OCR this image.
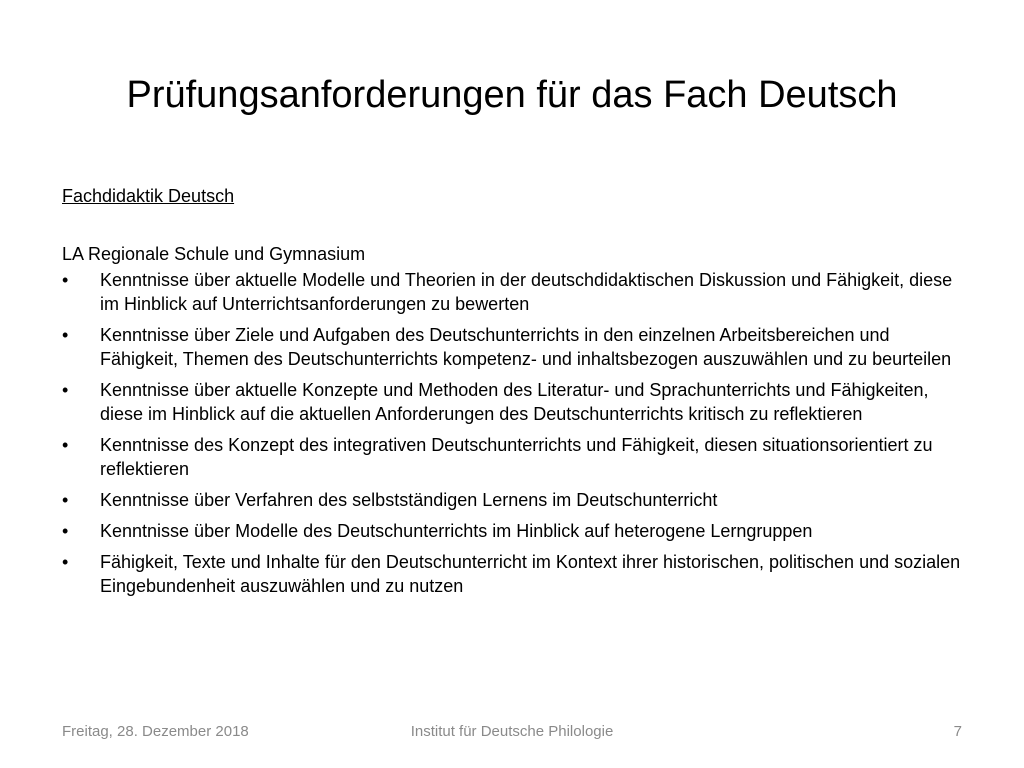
Prüfungsanforderungen für das Fach Deutsch

Fachdidaktik Deutsch

LA Regionale Schule und Gymnasium

• Kenntnisse über aktuelle Modelle und Theorien in der deutschdidaktischen Diskussion und Fähigkeit, diese im Hinblick auf Unterrichtsanforderungen zu bewerten
• Kenntnisse über Ziele und Aufgaben des Deutschunterrichts in den einzelnen Arbeitsbereichen und Fähigkeit, Themen des Deutschunterrichts kompetenz- und inhaltsbezogen auszuwählen und zu beurteilen
• Kenntnisse über aktuelle Konzepte und Methoden des Literatur- und Sprachunterrichts und Fähigkeiten, diese im Hinblick auf die aktuellen Anforderungen des Deutschunterrichts kritisch zu reflektieren
• Kenntnisse des Konzept des integrativen Deutschunterrichts und Fähigkeit, diesen situationsorientiert zu reflektieren
• Kenntnisse über Verfahren des selbstständigen Lernens im Deutschunterricht
• Kenntnisse über Modelle des Deutschunterrichts im Hinblick auf heterogene Lerngruppen
• Fähigkeit, Texte und Inhalte für den Deutschunterricht im Kontext ihrer historischen, politischen und sozialen Eingebundenheit auszuwählen und zu nutzen
Freitag, 28. Dezember 2018	Institut für Deutsche Philologie	7
